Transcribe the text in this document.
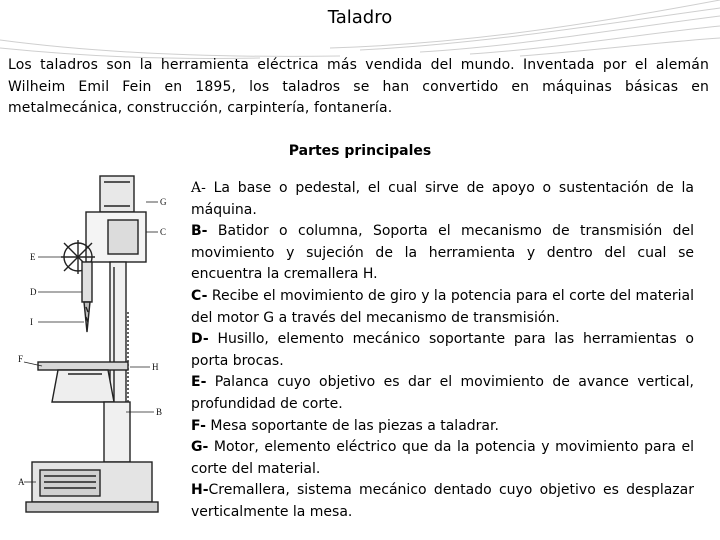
Taladro

Los taladros son la herramienta eléctrica más vendida del mundo. Inventada por el alemán Wilheim Emil Fein en 1895, los taladros se han convertido en máquinas básicas en metalmecánica, construcción, carpintería, fontanería.

Partes principales
G
C
E
D
I
F
H
B
A
A- La base o pedestal, el cual sirve de apoyo o sustentación de la máquina.
B- Batidor o columna, Soporta el mecanismo de transmisión del movimiento y sujeción de la herramienta y dentro del cual se encuentra la cremallera H.
C- Recibe el movimiento de giro y la potencia para el corte del material del motor G a través del mecanismo de transmisión.
D- Husillo, elemento mecánico soportante para las herramientas o porta brocas.
E- Palanca cuyo objetivo es dar el movimiento de avance vertical, profundidad de corte.
F- Mesa soportante de las piezas a taladrar.
G- Motor, elemento eléctrico que da la potencia y movimiento para el corte del material.
H-Cremallera, sistema mecánico dentado cuyo objetivo es desplazar verticalmente la mesa.
